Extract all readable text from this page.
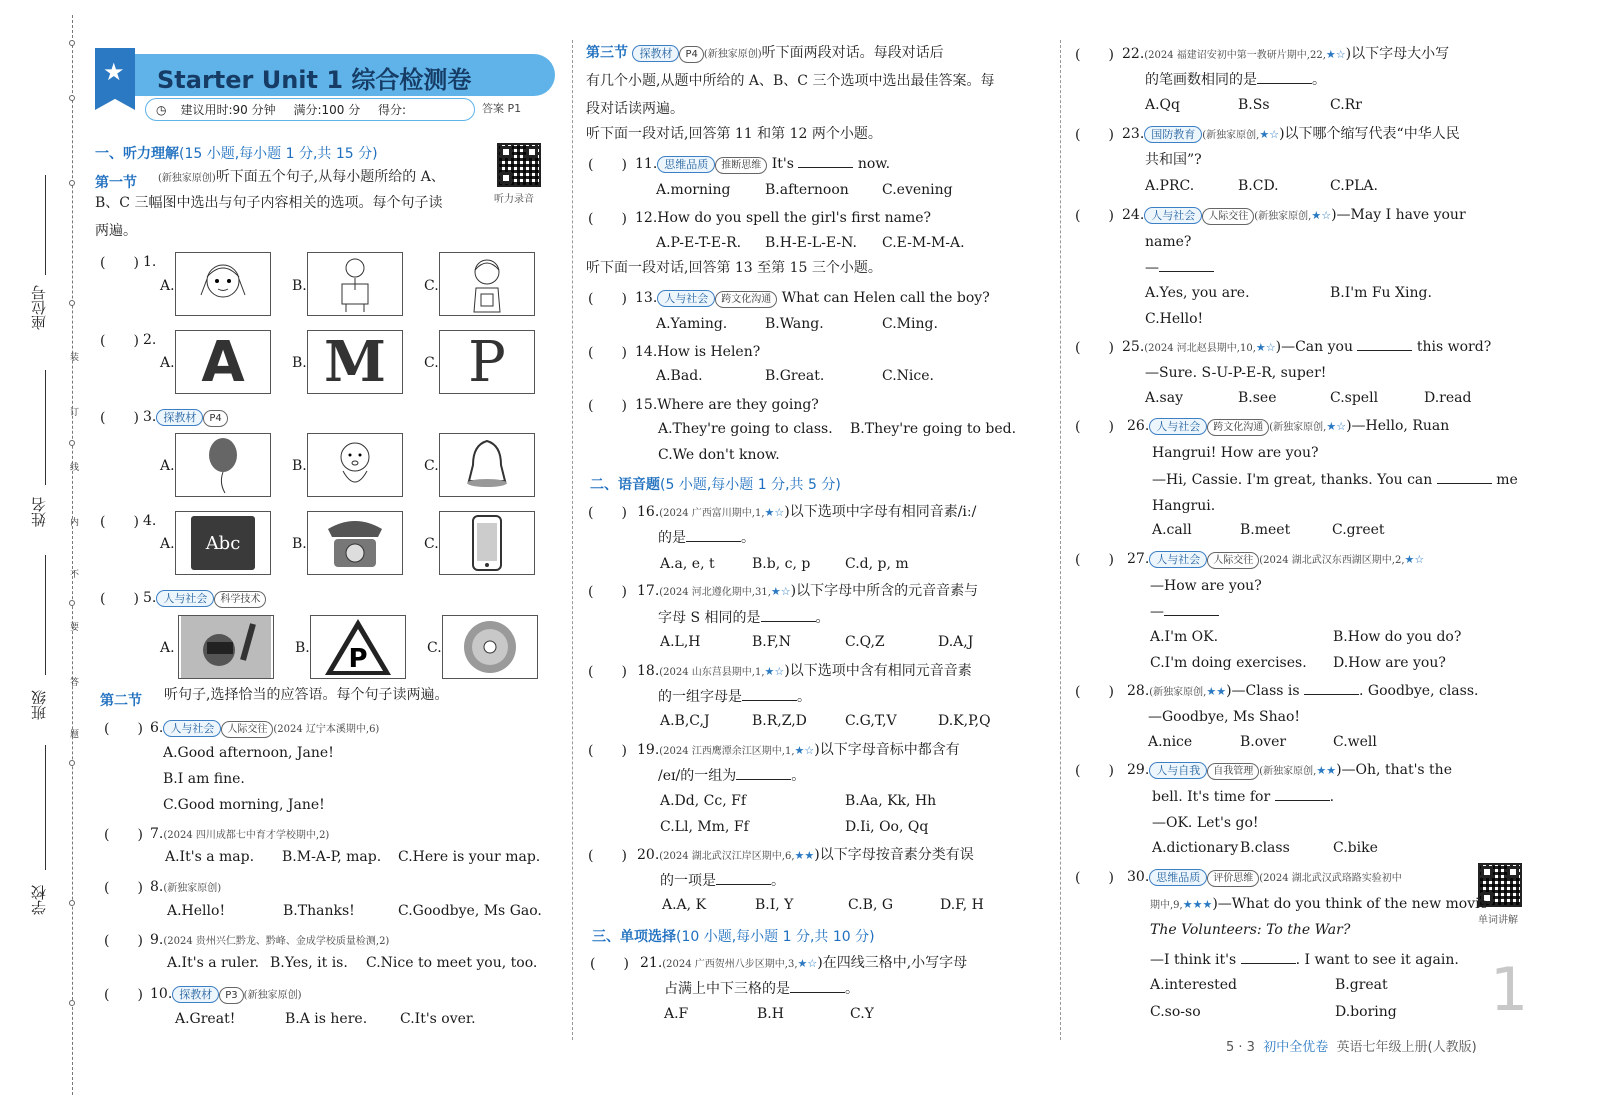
装
订
线
内
不
要
答
题
座位号
姓名
班级
学校
★ Starter Unit 1 综合检测卷
◷ 建议用时:90 分钟 满分:100 分 得分:	答案 P1
一、听力理解(15 小题,每小题 1 分,共 15 分)
听力录音
第一节 (新独家原创)听下面五个句子,从每小题所给的 A、
B、C 三幅图中选出与句子内容相关的选项。每个句子读
两遍。
(　　) 1.
A.	B.	C.
(　　) 2.
A. A	B. M	C. P
(　　) 3. 探教材 P4
A.	B.	C.
(　　) 4.
A.	Abc	B.	C.
(　　) 5. 人与社会 科学技术
A.	B. P	C.
第二节 听句子,选择恰当的应答语。每个句子读两遍。
(　　) 6. 人与社会 人际交往 (2024 辽宁本溪期中,6)
A.Good afternoon, Jane!
B.I am fine.
C.Good morning, Jane!
(　　) 7.(2024 四川成都七中育才学校期中,2)
A.It's a map. B.M-A-P, map. C.Here is your map.
(　　) 8.(新独家原创)
A.Hello!	B.Thanks!	C.Goodbye, Ms Gao.
(　　) 9.(2024 贵州兴仁黔龙、黔峰、金成学校质量检测,2)
A.It's a ruler. B.Yes, it is. C.Nice to meet you, too.
(　　) 10. 探教材 P3 (新独家原创)
A.Great!	B.A is here. C.It's over.
第三节 探教材 P4 (新独家原创)听下面两段对话。每段对话后
有几个小题,从题中所给的 A、B、C 三个选项中选出最佳答案。每
段对话读两遍。
听下面一段对话,回答第 11 和第 12 两个小题。
(　　) 11. 思维品质 推断思维 It's	now.
A.morning B.afternoon C.evening
(　　) 12.How do you spell the girl's first name?
A.P-E-T-E-R. B.H-E-L-E-N. C.E-M-M-A.
听下面一段对话,回答第 13 至第 15 三个小题。
(　　) 13. 人与社会 跨文化沟通 What can Helen call the boy?
A.Yaming.	B.Wang.	C.Ming.
(　　) 14.How is Helen?
A.Bad.	B.Great.	C.Nice.
(　　) 15.Where are they going?
A.They're going to class. B.They're going to bed.
C.We don't know.
二、语音题(5 小题,每小题 1 分,共 5 分)
(　　) 16.(2024 广西富川期中,1,★☆)以下选项中字母有相同音素/iː/
的是	。
A.a, e, t	B.b, c, p C.d, p, m
(　　) 17.(2024 河北遵化期中,31,★☆)以下字母中所含的元音音素与
字母 S 相同的是	。
A.L,H	B.F,N	C.Q,Z	D.A,J
(　　) 18.(2024 山东莒县期中,1,★☆)以下选项中含有相同元音音素
的一组字母是	。
A.B,C,J	B.R,Z,D	C.G,T,V	D.K,P,Q
(　　) 19.(2024 江西鹰潭余江区期中,1,★☆)以下字母音标中都含有
/eɪ/的一组为	。
A.Dd, Cc, Ff	B.Aa, Kk, Hh
C.Ll, Mm, Ff	D.Ii, Oo, Qq
(　　) 20.(2024 湖北武汉江岸区期中,6,★★)以下字母按音素分类有误
的一项是	。
A.A, K	B.I, Y	C.B, G	D.F, H
三、单项选择(10 小题,每小题 1 分,共 10 分)
(　　) 21.(2024 广西贺州八步区期中,3,★☆)在四线三格中,小写字母
占满上中下三格的是	。
A.F	B.H	C.Y
(　　) 22.(2024 福建诏安初中第一教研片期中,22,★☆)以下字母大小写
的笔画数相同的是	。
A.Qq	B.Ss	C.Rr
(　　) 23. 国防教育 (新独家原创,★☆)以下哪个缩写代表“中华人民
共和国”?
A.PRC.	B.CD.	C.PLA.
(　　) 24. 人与社会 人际交往 (新独家原创,★☆)—May I have your
name?
—
A.Yes, you are.	B.I'm Fu Xing.
C.Hello!
(　　) 25.(2024 河北赵县期中,10,★☆)—Can you	this word?
—Sure. S-U-P-E-R, super!
A.say	B.see	C.spell	D.read
(　　) 26. 人与社会 跨文化沟通 (新独家原创,★☆)—Hello, Ruan
Hangrui! How are you?
—Hi, Cassie. I'm great, thanks. You can	me
Hangrui.
A.call	B.meet	C.greet
(　　) 27. 人与社会 人际交往 (2024 湖北武汉东西湖区期中,2,★☆
—How are you?
—
A.I'm OK.	B.How do you do?
C.I'm doing exercises. D.How are you?
(　　) 28.(新独家原创,★★)—Class is	. Goodbye, class.
—Goodbye, Ms Shao!
A.nice	B.over	C.well
(　　) 29. 人与自我 自我管理 (新独家原创,★★)—Oh, that's the
bell. It's time for	.
—OK. Let's go!
A.dictionary B.class	C.bike
(　　) 30. 思维品质 评价思维 (2024 湖北武汉武珞路实验初中
单词讲解
期中,9,★★★)—What do you think of the new movie
The Volunteers: To the War?
—I think it's	. I want to see it again.
A.interested	B.great
C.so-so	D.boring 1
5 · 3 初中全优卷 英语七年级上册(人教版)
